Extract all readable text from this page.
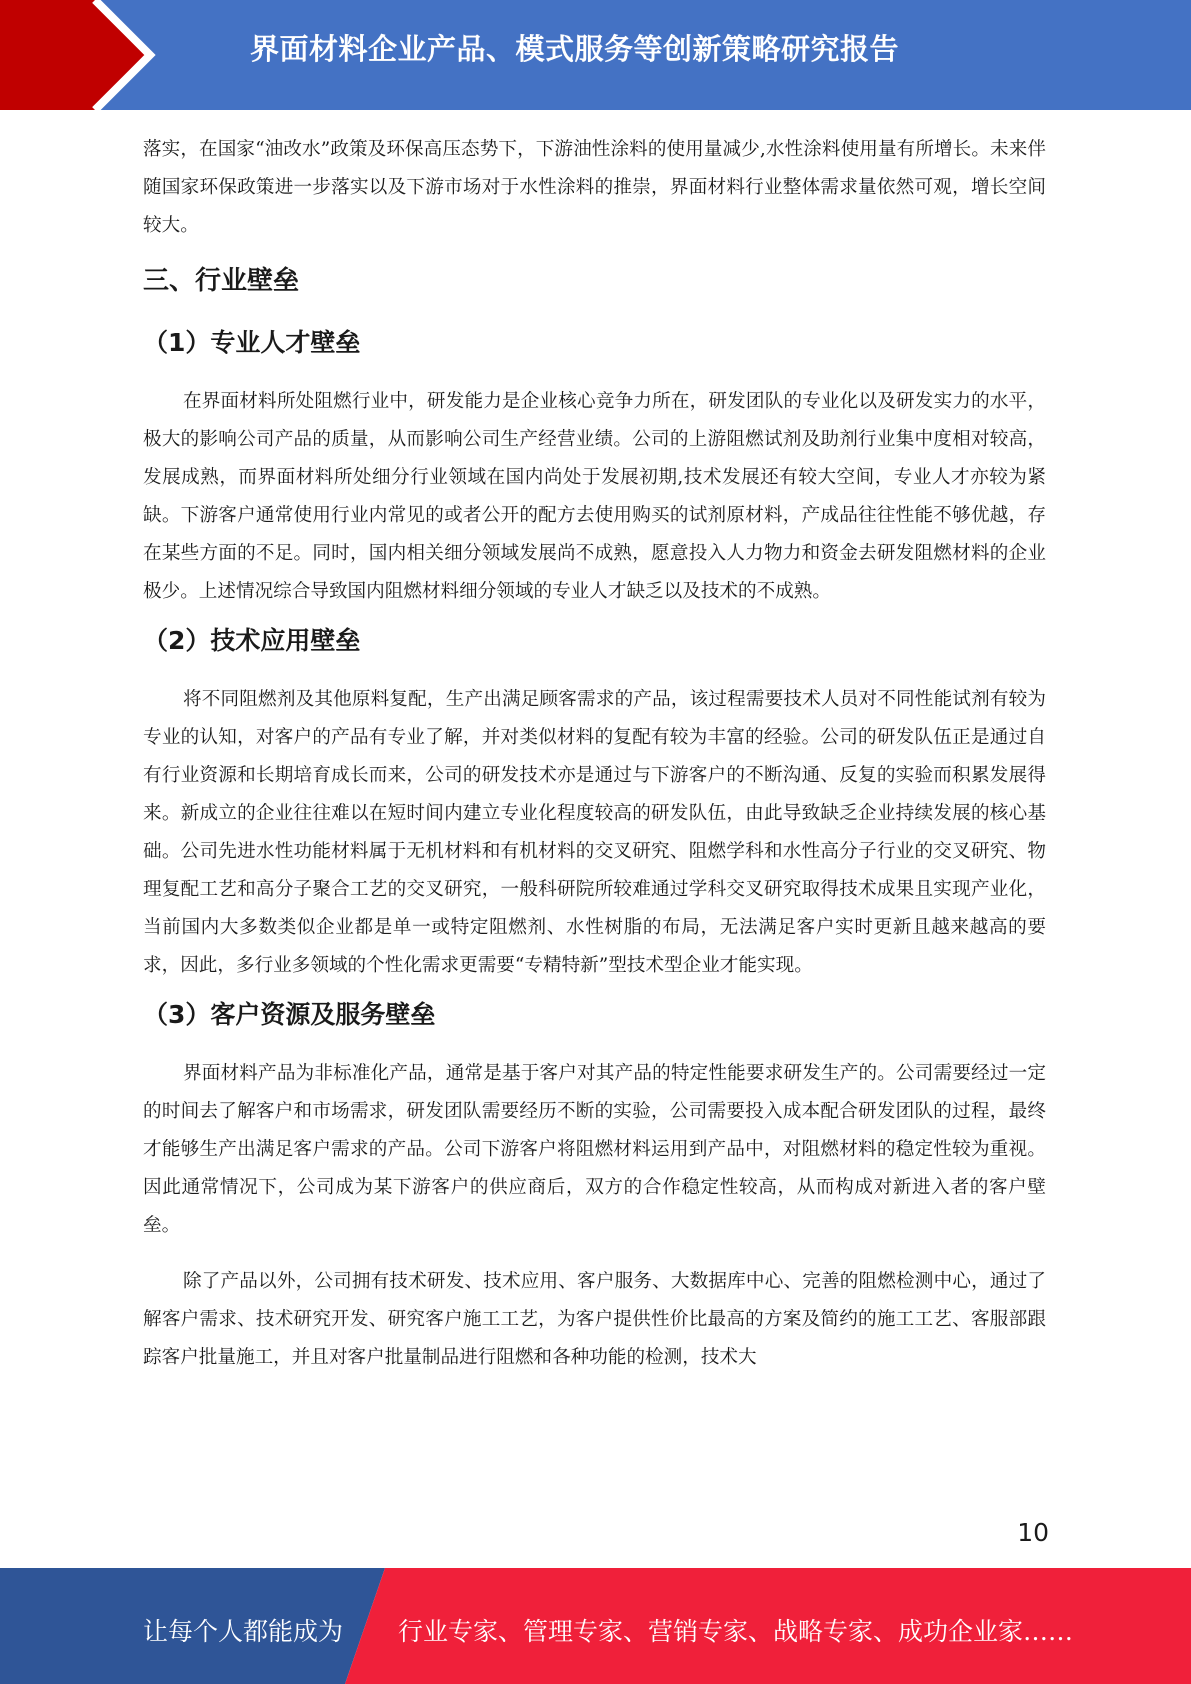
界面材料企业产品、模式服务等创新策略研究报告

落实，在国家“油改水”政策及环保高压态势下，下游油性涂料的使用量减少,水性涂料使用量有所增长。未来伴随国家环保政策进一步落实以及下游市场对于水性涂料的推崇，界面材料行业整体需求量依然可观，增长空间较大。

三、行业壁垒
（1）专业人才壁垒

在界面材料所处阻燃行业中，研发能力是企业核心竞争力所在，研发团队的专业化以及研发实力的水平，极大的影响公司产品的质量，从而影响公司生产经营业绩。公司的上游阻燃试剂及助剂行业集中度相对较高，发展成熟，而界面材料所处细分行业领域在国内尚处于发展初期,技术发展还有较大空间，专业人才亦较为紧缺。下游客户通常使用行业内常见的或者公开的配方去使用购买的试剂原材料，产成品往往性能不够优越，存在某些方面的不足。同时，国内相关细分领域发展尚不成熟，愿意投入人力物力和资金去研发阻燃材料的企业极少。上述情况综合导致国内阻燃材料细分领域的专业人才缺乏以及技术的不成熟。

（2）技术应用壁垒

将不同阻燃剂及其他原料复配，生产出满足顾客需求的产品，该过程需要技术人员对不同性能试剂有较为专业的认知，对客户的产品有专业了解，并对类似材料的复配有较为丰富的经验。公司的研发队伍正是通过自有行业资源和长期培育成长而来，公司的研发技术亦是通过与下游客户的不断沟通、反复的实验而积累发展得来。新成立的企业往往难以在短时间内建立专业化程度较高的研发队伍，由此导致缺乏企业持续发展的核心基础。公司先进水性功能材料属于无机材料和有机材料的交叉研究、阻燃学科和水性高分子行业的交叉研究、物理复配工艺和高分子聚合工艺的交叉研究，一般科研院所较难通过学科交叉研究取得技术成果且实现产业化，当前国内大多数类似企业都是单一或特定阻燃剂、水性树脂的布局，无法满足客户实时更新且越来越高的要求，因此，多行业多领域的个性化需求更需要“专精特新”型技术型企业才能实现。

（3）客户资源及服务壁垒

界面材料产品为非标准化产品，通常是基于客户对其产品的特定性能要求研发生产的。公司需要经过一定的时间去了解客户和市场需求，研发团队需要经历不断的实验，公司需要投入成本配合研发团队的过程，最终才能够生产出满足客户需求的产品。公司下游客户将阻燃材料运用到产品中，对阻燃材料的稳定性较为重视。因此通常情况下，公司成为某下游客户的供应商后，双方的合作稳定性较高，从而构成对新进入者的客户壁垒。

除了产品以外，公司拥有技术研发、技术应用、客户服务、大数据库中心、完善的阻燃检测中心，通过了解客户需求、技术研究开发、研究客户施工工艺，为客户提供性价比最高的方案及简约的施工工艺、客服部跟踪客户批量施工，并且对客户批量制品进行阻燃和各种功能的检测，技术大

10
让每个人都能成为 行业专家、管理专家、营销专家、战略专家、成功企业家……
